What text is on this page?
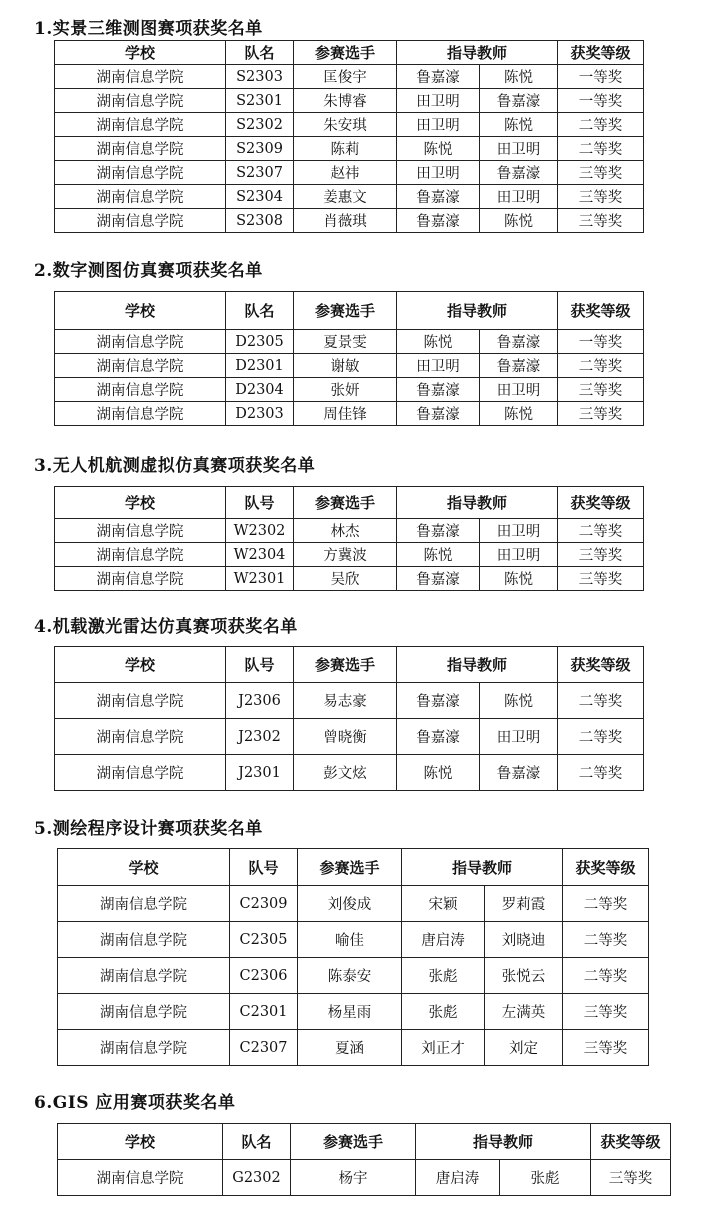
1.实景三维测图赛项获奖名单
学校	队名	参赛选手	指导教师		获奖等级
湖南信息学院	S2303	匡俊宇	鲁嘉濠	陈悦	一等奖
湖南信息学院	S2301	朱博睿	田卫明	鲁嘉濠	一等奖
湖南信息学院	S2302	朱安琪	田卫明	陈悦	二等奖
湖南信息学院	S2309	陈莉	陈悦	田卫明	二等奖
湖南信息学院	S2307	赵祎	田卫明	鲁嘉濠	三等奖
湖南信息学院	S2304	姜惠文	鲁嘉濠	田卫明	三等奖
湖南信息学院	S2308	肖薇琪	鲁嘉濠	陈悦	三等奖
2.数字测图仿真赛项获奖名单
学校	队名	参赛选手	指导教师		获奖等级
湖南信息学院	D2305	夏景雯	陈悦	鲁嘉濠	一等奖
湖南信息学院	D2301	谢敏	田卫明	鲁嘉濠	二等奖
湖南信息学院	D2304	张妍	鲁嘉濠	田卫明	三等奖
湖南信息学院	D2303	周佳锋	鲁嘉濠	陈悦	三等奖
3.无人机航测虚拟仿真赛项获奖名单
学校	队号	参赛选手	指导教师		获奖等级
湖南信息学院	W2302	林杰	鲁嘉濠	田卫明	二等奖
湖南信息学院	W2304	方冀波	陈悦	田卫明	三等奖
湖南信息学院	W2301	吴欣	鲁嘉濠	陈悦	三等奖
4.机载激光雷达仿真赛项获奖名单
学校	队号	参赛选手	指导教师		获奖等级
湖南信息学院	J2306	易志豪	鲁嘉濠	陈悦	二等奖
湖南信息学院	J2302	曾晓衡	鲁嘉濠	田卫明	二等奖
湖南信息学院	J2301	彭文炫	陈悦	鲁嘉濠	二等奖
5.测绘程序设计赛项获奖名单
学校	队号	参赛选手	指导教师		获奖等级
湖南信息学院	C2309	刘俊成	宋颖	罗莉霞	二等奖
湖南信息学院	C2305	喻佳	唐启涛	刘晓迪	二等奖
湖南信息学院	C2306	陈泰安	张彪	张悦云	二等奖
湖南信息学院	C2301	杨星雨	张彪	左满英	三等奖
湖南信息学院	C2307	夏涵	刘正才	刘定	三等奖
6.GIS 应用赛项获奖名单
学校	队名	参赛选手	指导教师		获奖等级
湖南信息学院	G2302	杨宇	唐启涛	张彪	三等奖
